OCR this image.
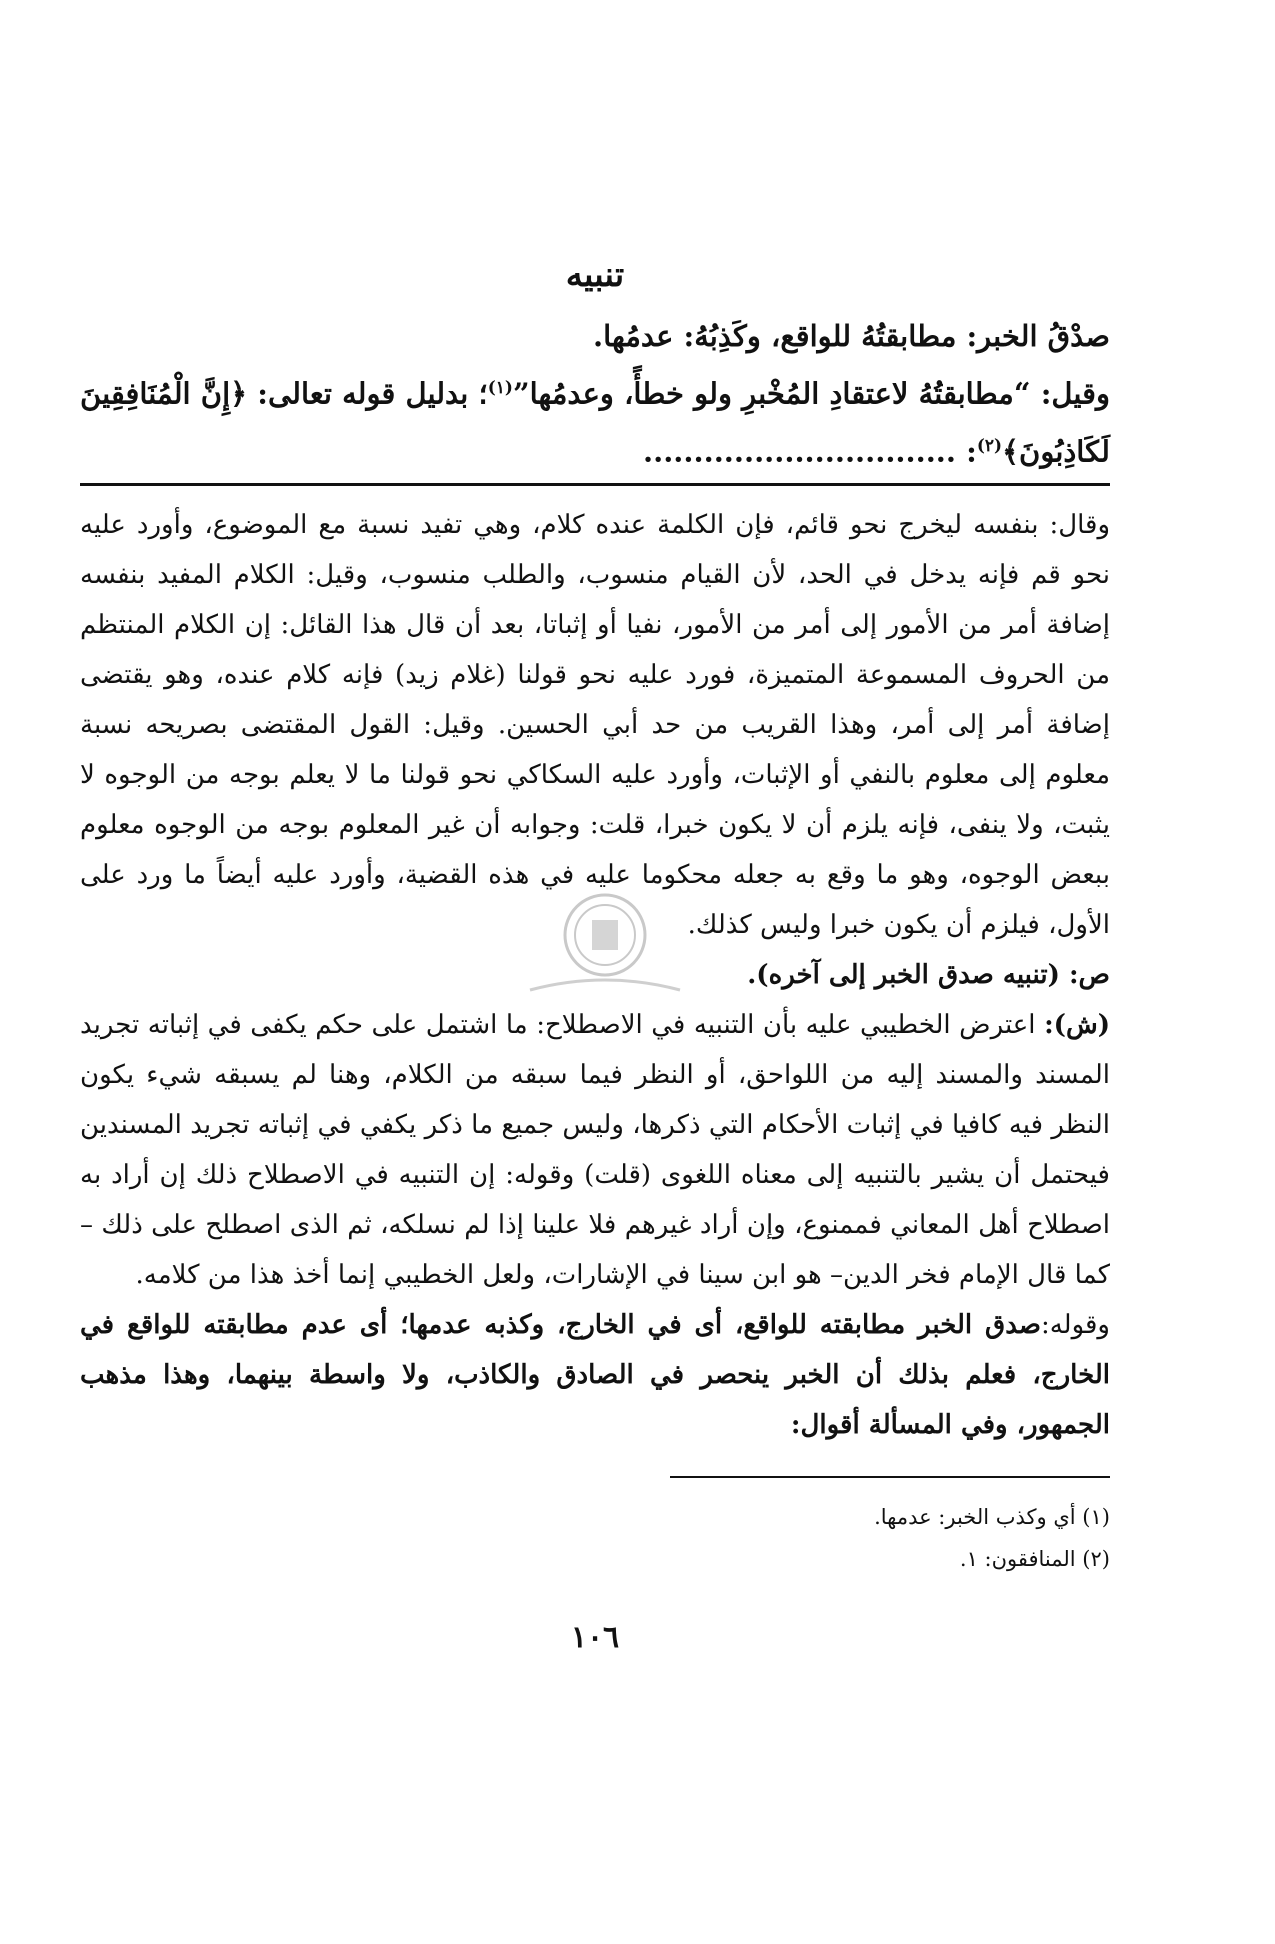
تنبيه

صدْقُ الخبر: مطابقتُهُ للواقع، وكَذِبُهُ: عدمُها.

وقيل: “مطابقتُهُ لاعتقادِ المُخْبرِ ولو خطأً، وعدمُها”$^{(١)}$؛ بدليل قوله تعالى: ﴿إِنَّ الْمُنَافِقِينَ لَكَاذِبُونَ﴾$^{(٢)}$: ...............................

وقال: بنفسه ليخرج نحو قائم، فإن الكلمة عنده كلام، وهي تفيد نسبة مع الموضوع، وأورد عليه نحو قم فإنه يدخل في الحد، لأن القيام منسوب، والطلب منسوب، وقيل: الكلام المفيد بنفسه إضافة أمر من الأمور إلى أمر من الأمور، نفيا أو إثباتا، بعد أن قال هذا القائل: إن الكلام المنتظم من الحروف المسموعة المتميزة، فورد عليه نحو قولنا (غلام زيد) فإنه كلام عنده، وهو يقتضى إضافة أمر إلى أمر، وهذا القريب من حد أبي الحسين. وقيل: القول المقتضى بصريحه نسبة معلوم إلى معلوم بالنفي أو الإثبات، وأورد عليه السكاكي نحو قولنا ما لا يعلم بوجه من الوجوه لا يثبت، ولا ينفى، فإنه يلزم أن لا يكون خبرا، قلت: وجوابه أن غير المعلوم بوجه من الوجوه معلوم ببعض الوجوه، وهو ما وقع به جعله محكوما عليه في هذه القضية، وأورد عليه أيضاً ما ورد على الأول، فيلزم أن يكون خبرا وليس كذلك.

ص: (تنبيه صدق الخبر إلى آخره).

(ش): اعترض الخطيبي عليه بأن التنبيه في الاصطلاح: ما اشتمل على حكم يكفى في إثباته تجريد المسند والمسند إليه من اللواحق، أو النظر فيما سبقه من الكلام، وهنا لم يسبقه شيء يكون النظر فيه كافيا في إثبات الأحكام التي ذكرها، وليس جميع ما ذكر يكفي في إثباته تجريد المسندين فيحتمل أن يشير بالتنبيه إلى معناه اللغوى (قلت) وقوله: إن التنبيه في الاصطلاح ذلك إن أراد به اصطلاح أهل المعاني فممنوع، وإن أراد غيرهم فلا علينا إذا لم نسلكه، ثم الذى اصطلح على ذلك –كما قال الإمام فخر الدين– هو ابن سينا في الإشارات، ولعل الخطيبي إنما أخذ هذا من كلامه.

وقوله:صدق الخبر مطابقته للواقع، أى في الخارج، وكذبه عدمها؛ أى عدم مطابقته للواقع في الخارج، فعلم بذلك أن الخبر ينحصر في الصادق والكاذب، ولا واسطة بينهما، وهذا مذهب الجمهور، وفي المسألة أقوال:

(١) أي وكذب الخبر: عدمها.

(٢) المنافقون: ١.

١٠٦
